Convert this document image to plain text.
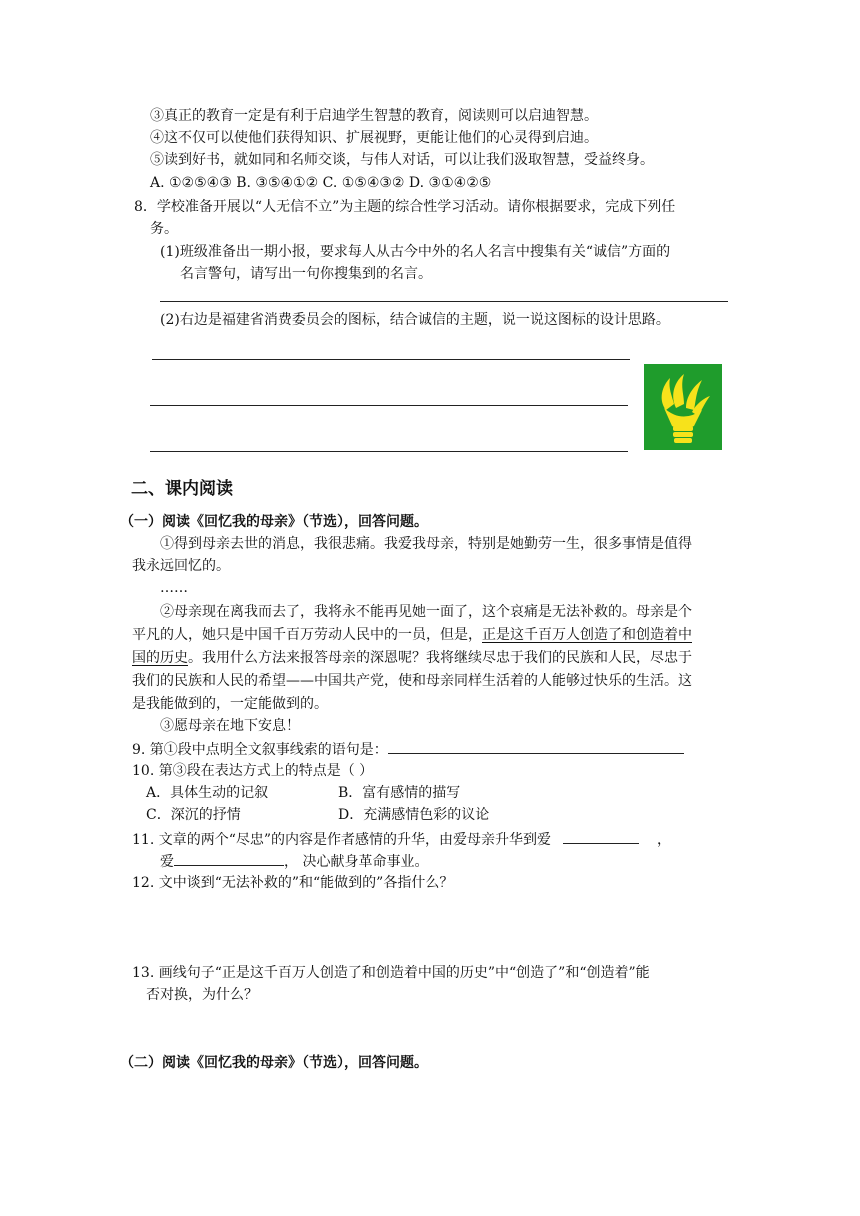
③真正的教育一定是有利于启迪学生智慧的教育，阅读则可以启迪智慧。
④这不仅可以使他们获得知识、扩展视野，更能让他们的心灵得到启迪。
⑤读到好书，就如同和名师交谈，与伟人对话，可以让我们汲取智慧，受益终身。
A. ①②⑤④③ B. ③⑤④①② C. ①⑤④③② D. ③①④②⑤
8．学校准备开展以“人无信不立”为主题的综合性学习活动。请你根据要求，完成下列任
务。
(1)班级准备出一期小报，要求每人从古今中外的名人名言中搜集有关“诚信”方面的
名言警句，请写出一句你搜集到的名言。
(2)右边是福建省消费委员会的图标，结合诚信的主题，说一说这图标的设计思路。
二、课内阅读
（一）阅读《回忆我的母亲》（节选），回答问题。
①得到母亲去世的消息，我很悲痛。我爱我母亲，特别是她勤劳一生，很多事情是值得
我永远回忆的。
……
②母亲现在离我而去了，我将永不能再见她一面了，这个哀痛是无法补救的。母亲是个
平凡的人，她只是中国千百万劳动人民中的一员，但是，正是这千百万人创造了和创造着中
国的历史。我用什么方法来报答母亲的深恩呢？我将继续尽忠于我们的民族和人民，尽忠于
我们的民族和人民的希望——中国共产党，使和母亲同样生活着的人能够过快乐的生活。这
是我能做到的，一定能做到的。
③愿母亲在地下安息！
9. 第①段中点明全文叙事线索的语句是：
10. 第③段在表达方式上的特点是（ ）
A．具体生动的记叙	B．富有感情的描写
C．深沉的抒情	D．充满感情色彩的议论
11. 文章的两个“尽忠”的内容是作者感情的升华，由爱母亲升华到爱	，
爱	， 决心献身革命事业。
12. 文中谈到“无法补救的”和“能做到的”各指什么？
13. 画线句子“正是这千百万人创造了和创造着中国的历史”中“创造了”和“创造着”能
否对换，为什么？
（二）阅读《回忆我的母亲》（节选），回答问题。
